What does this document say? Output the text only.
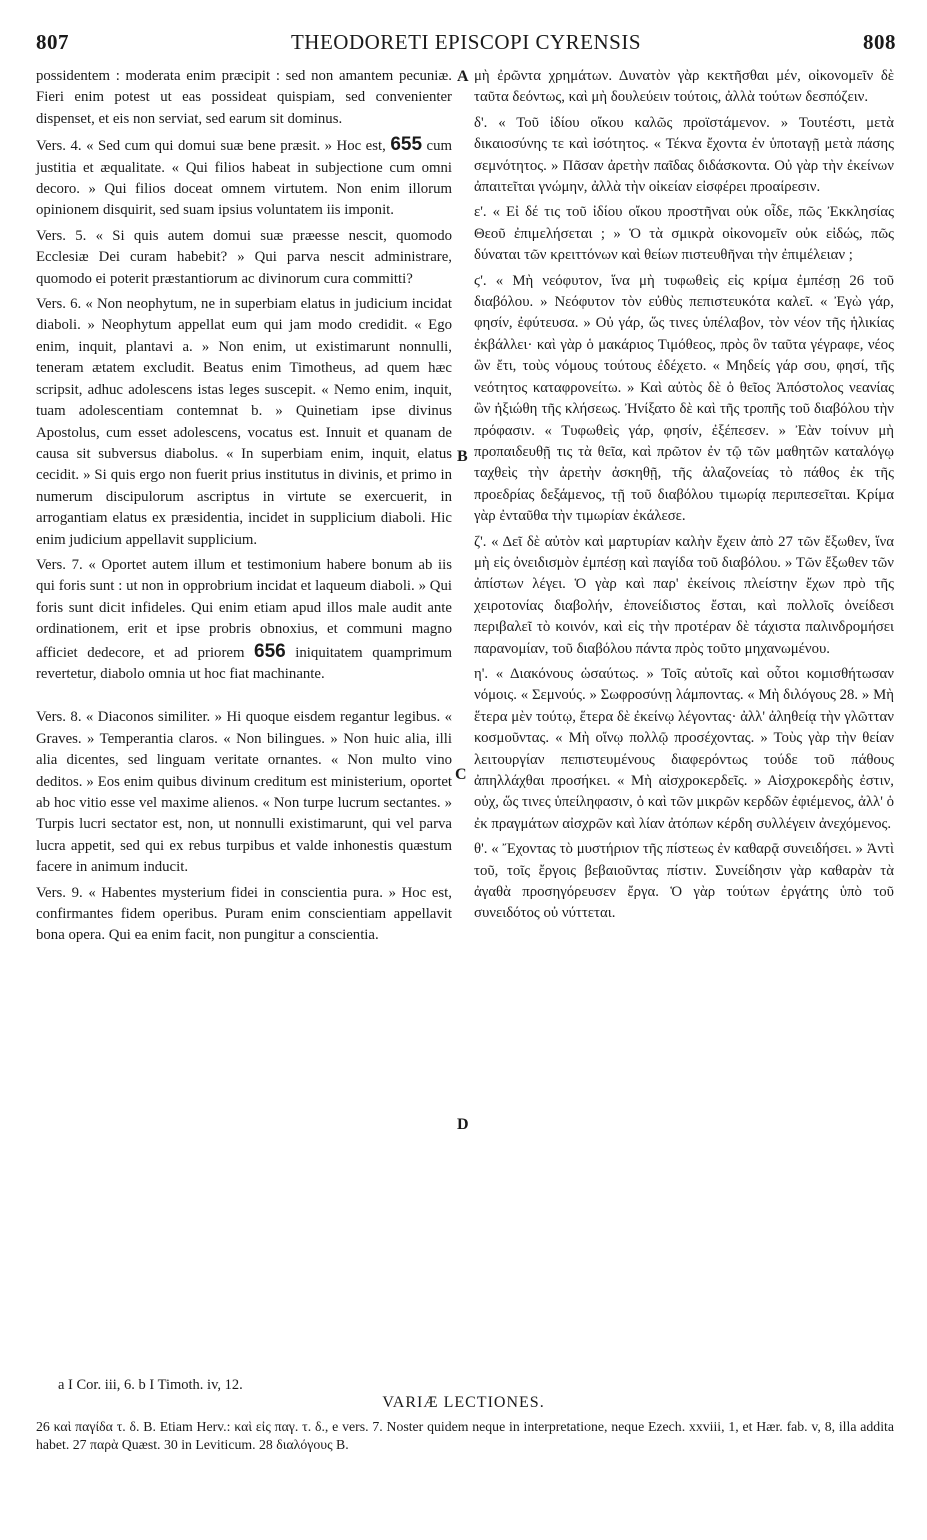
807	THEODORETI EPISCOPI CYRENSIS	808
A
B
C
D

possidentem : moderata enim præcipit : sed non amantem pecuniæ. Fieri enim potest ut eas possideat quispiam, sed convenienter dispenset, et eis non serviat, sed earum sit dominus.

Vers. 4. « Sed cum qui domui suæ bene præsit. » Hoc est, 655 cum justitia et æqualitate. « Qui filios habeat in subjectione cum omni decoro. » Qui filios doceat omnem virtutem. Non enim illorum opinionem disquirit, sed suam ipsius voluntatem iis imponit.

Vers. 5. « Si quis autem domui suæ præesse nescit, quomodo Ecclesiæ Dei curam habebit? » Qui parva nescit administrare, quomodo ei poterit præstantiorum ac divinorum cura committi?

Vers. 6. « Non neophytum, ne in superbiam elatus in judicium incidat diaboli. » Neophytum appellat eum qui jam modo credidit. « Ego enim, inquit, plantavi a. » Non enim, ut existimarunt nonnulli, teneram ætatem excludit. Beatus enim Timotheus, ad quem hæc scripsit, adhuc adolescens istas leges suscepit. « Nemo enim, inquit, tuam adolescentiam contemnat b. » Quinetiam ipse divinus Apostolus, cum esset adolescens, vocatus est. Innuit et quanam de causa sit subversus diabolus. « In superbiam enim, inquit, elatus cecidit. » Si quis ergo non fuerit prius institutus in divinis, et primo in numerum discipulorum ascriptus in virtute se exercuerit, in arrogantiam elatus ex præsidentia, incidet in supplicium diaboli. Hic enim judicium appellavit supplicium.

Vers. 7. « Oportet autem illum et testimonium habere bonum ab iis qui foris sunt : ut non in opprobrium incidat et laqueum diaboli. » Qui foris sunt dicit infideles. Qui enim etiam apud illos male audit ante ordinationem, erit et ipse probris obnoxius, et communi magno afficiet dedecore, et ad priorem 656 iniquitatem quamprimum revertetur, diabolo omnia ut hoc fiat machinante.

Vers. 8. « Diaconos similiter. » Hi quoque eisdem regantur legibus. « Graves. » Temperantia claros. « Non bilingues. » Non huic alia, illi alia dicentes, sed linguam veritate ornantes. « Non multo vino deditos. » Eos enim quibus divinum creditum est ministerium, oportet ab hoc vitio esse vel maxime alienos. « Non turpe lucrum sectantes. » Turpis lucri sectator est, non, ut nonnulli existimarunt, qui vel parva lucra appetit, sed qui ex rebus turpibus et valde inhonestis quæstum facere in animum inducit.

Vers. 9. « Habentes mysterium fidei in conscientia pura. » Hoc est, confirmantes fidem operibus. Puram enim conscientiam appellavit bona opera. Qui ea enim facit, non pungitur a conscientia.

μὴ ἐρῶντα χρημάτων. Δυνατὸν γὰρ κεκτῆσθαι μέν, οἰκονομεῖν δὲ ταῦτα δεόντως, καὶ μὴ δουλεύειν τούτοις, ἀλλὰ τούτων δεσπόζειν.

δ'. « Τοῦ ἰδίου οἴκου καλῶς προϊστάμενον. » Τουτέστι, μετὰ δικαιοσύνης τε καὶ ἰσότητος. « Τέκνα ἔχοντα ἐν ὑποταγῇ μετὰ πάσης σεμνότητος. » Πᾶσαν ἀρετὴν παῖδας διδάσκοντα. Οὐ γὰρ τὴν ἐκείνων ἀπαιτεῖται γνώμην, ἀλλὰ τὴν οἰκείαν εἰσφέρει προαίρεσιν.

ε'. « Εἰ δέ τις τοῦ ἰδίου οἴκου προστῆναι οὐκ οἶδε, πῶς Ἐκκλησίας Θεοῦ ἐπιμελήσεται ; » Ὁ τὰ σμικρὰ οἰκονομεῖν οὐκ εἰδώς, πῶς δύναται τῶν κρειττόνων καὶ θείων πιστευθῆναι τὴν ἐπιμέλειαν ;

ϛ'. « Μὴ νεόφυτον, ἵνα μὴ τυφωθεὶς εἰς κρίμα ἐμπέσῃ 26 τοῦ διαβόλου. » Νεόφυτον τὸν εὐθὺς πεπιστευκότα καλεῖ. « Ἐγὼ γάρ, φησίν, ἐφύτευσα. » Οὐ γάρ, ὥς τινες ὑπέλαβον, τὸν νέον τῆς ἡλικίας ἐκβάλλει· καὶ γὰρ ὁ μακάριος Τιμόθεος, πρὸς ὃν ταῦτα γέγραφε, νέος ὢν ἔτι, τοὺς νόμους τούτους ἐδέχετο. « Μηδείς γάρ σου, φησί, τῆς νεότητος καταφρονείτω. » Καὶ αὐτὸς δὲ ὁ θεῖος Ἀπόστολος νεανίας ὢν ἠξιώθη τῆς κλήσεως. Ἠνίξατο δὲ καὶ τῆς τροπῆς τοῦ διαβόλου τὴν πρόφασιν. « Τυφωθεὶς γάρ, φησίν, ἐξέπεσεν. » Ἐὰν τοίνυν μὴ προπαιδευθῇ τις τὰ θεῖα, καὶ πρῶτον ἐν τῷ τῶν μαθητῶν καταλόγῳ ταχθεὶς τὴν ἀρετὴν ἀσκηθῇ, τῆς ἀλαζονείας τὸ πάθος ἐκ τῆς προεδρίας δεξάμενος, τῇ τοῦ διαβόλου τιμωρίᾳ περιπεσεῖται. Κρίμα γὰρ ἐνταῦθα τὴν τιμωρίαν ἐκάλεσε.

ζ'. « Δεῖ δὲ αὐτὸν καὶ μαρτυρίαν καλὴν ἔχειν ἀπὸ 27 τῶν ἔξωθεν, ἵνα μὴ εἰς ὀνειδισμὸν ἐμπέσῃ καὶ παγίδα τοῦ διαβόλου. » Τῶν ἔξωθεν τῶν ἀπίστων λέγει. Ὁ γὰρ καὶ παρ' ἐκείνοις πλείστην ἔχων πρὸ τῆς χειροτονίας διαβολήν, ἐπονείδιστος ἔσται, καὶ πολλοῖς ὀνείδεσι περιβαλεῖ τὸ κοινόν, καὶ εἰς τὴν προτέραν δὲ τάχιστα παλινδρομήσει παρανομίαν, τοῦ διαβόλου πάντα πρὸς τοῦτο μηχανωμένου.

η'. « Διακόνους ὡσαύτως. » Τοῖς αὐτοῖς καὶ οὗτοι κομισθήτωσαν νόμοις. « Σεμνούς. » Σωφροσύνῃ λάμποντας. « Μὴ διλόγους 28. » Μὴ ἕτερα μὲν τούτῳ, ἕτερα δὲ ἐκείνῳ λέγοντας· ἀλλ' ἀληθείᾳ τὴν γλῶτταν κοσμοῦντας. « Μὴ οἴνῳ πολλῷ προσέχοντας. » Τοὺς γὰρ τὴν θείαν λειτουργίαν πεπιστευμένους διαφερόντως τούδε τοῦ πάθους ἀπηλλάχθαι προσήκει. « Μὴ αἰσχροκερδεῖς. » Αἰσχροκερδὴς ἐστιν, οὐχ, ὥς τινες ὑπείληφασιν, ὁ καὶ τῶν μικρῶν κερδῶν ἐφιέμενος, ἀλλ' ὁ ἐκ πραγμάτων αἰσχρῶν καὶ λίαν ἀτόπων κέρδη συλλέγειν ἀνεχόμενος.

θ'. « Ἔχοντας τὸ μυστήριον τῆς πίστεως ἐν καθαρᾷ συνειδήσει. » Ἀντὶ τοῦ, τοῖς ἔργοις βεβαιοῦντας πίστιν. Συνείδησιν γὰρ καθαρὰν τὰ ἀγαθὰ προσηγόρευσεν ἔργα. Ὁ γὰρ τούτων ἐργάτης ὑπὸ τοῦ συνειδότος οὐ νύττεται.

a I Cor. iii, 6. b I Timoth. iv, 12.
VARIÆ LECTIONES.
26 καὶ παγίδα τ. δ. B. Etiam Herv.: καὶ εἰς παγ. τ. δ., e vers. 7. Noster quidem neque in interpretatione, neque Ezech. xxviii, 1, et Hær. fab. v, 8, illa addita habet. 27 παρὰ Quæst. 30 in Leviticum. 28 διαλόγους B.
